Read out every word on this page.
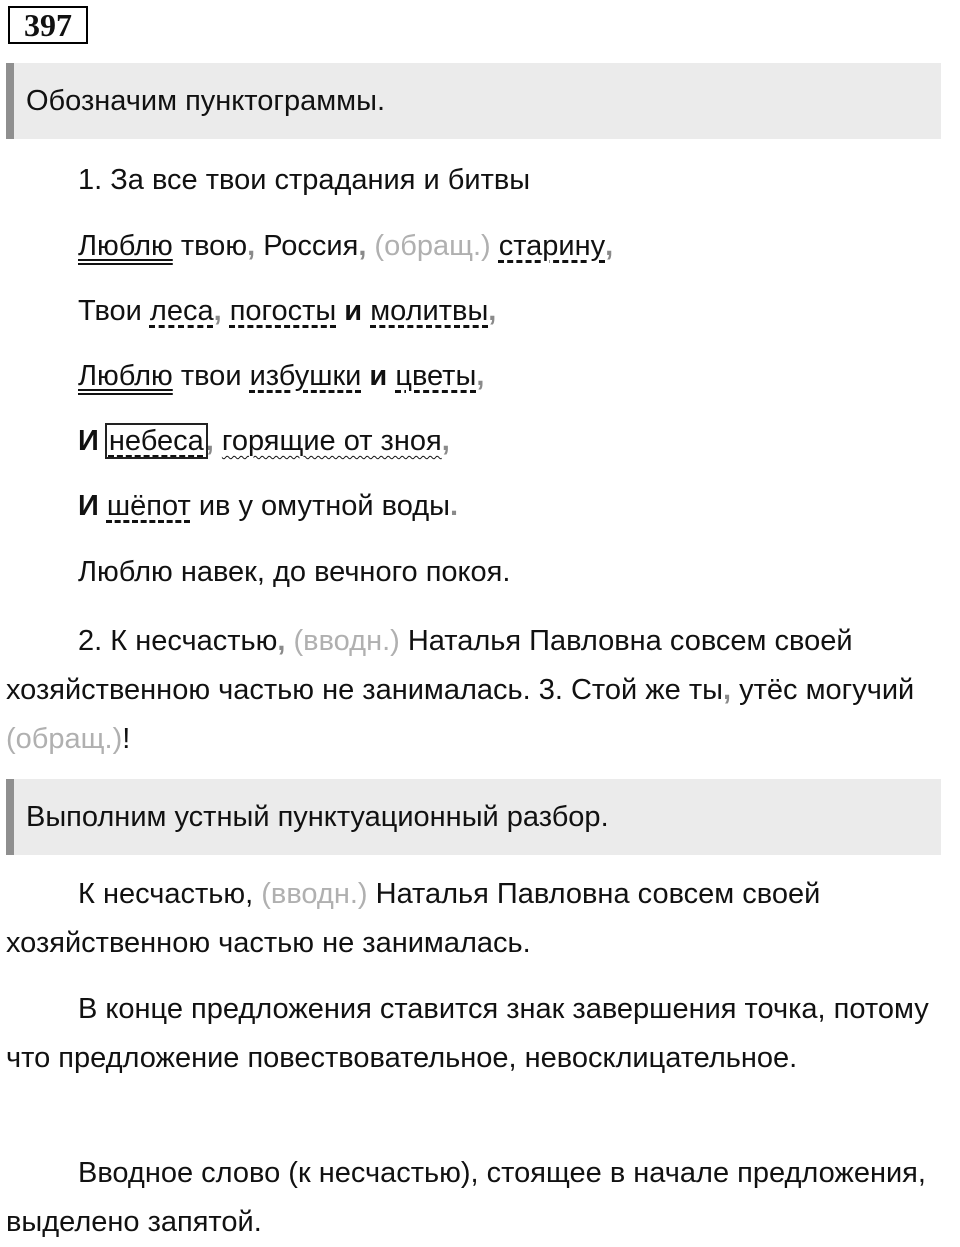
397
Обозначим пунктограммы.
1. За все твои страдания и битвы
Люблю твою, Россия, (обращ.) старину,
Твои леса, погосты и молитвы,
Люблю твои избушки и цветы,
И небеса, горящие от зноя,
И шёпот ив у омутной воды.
Люблю навек, до вечного покоя.
2. К несчастью, (вводн.) Наталья Павловна совсем своей хозяйственною частью не занималась. 3. Стой же ты, утёс могучий (обращ.)!
Выполним устный пунктуационный разбор.
К несчастью, (вводн.) Наталья Павловна совсем своей хозяйственною частью не занималась.
В конце предложения ставится знак завершения точка, потому что предложение повествовательное, невосклицательное.
Вводное слово (к несчастью), стоящее в начале предложения, выделено запятой.
